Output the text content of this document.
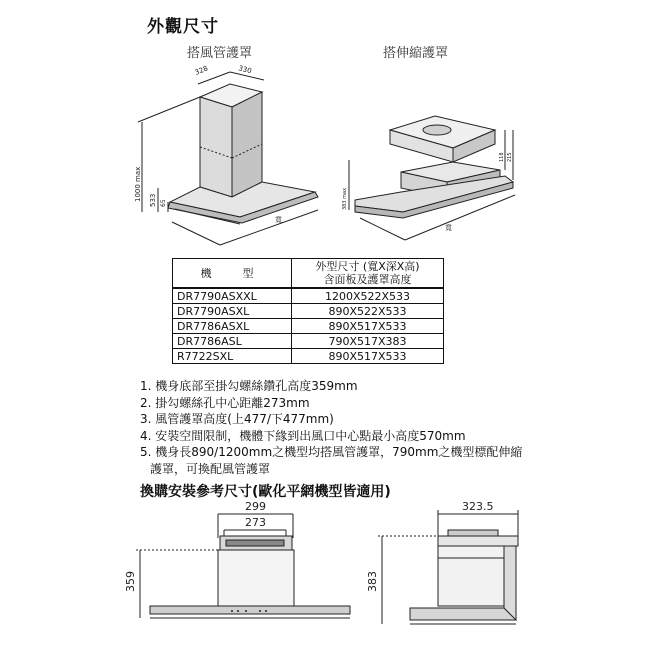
外觀尺寸
搭風管護罩	搭伸縮護罩
328	330
1000 max 533 65
寬
383 max
118 215
寬
機　型	外型尺寸 (寬X深X高)
含面板及護罩高度

DR7790ASXXL	1200X522X533
DR7790ASXL	890X522X533
DR7786ASXL	890X517X533
DR7786ASL	790X517X383
R7722SXL	890X517X533
1. 機身底部至掛勾螺絲鑽孔高度359mm
2. 掛勾螺絲孔中心距離273mm
3. 風管護罩高度(上477/下477mm)
4. 安裝空間限制，機體下緣到出風口中心點最小高度570mm
5. 機身長890/1200mm之機型均搭風管護罩，790mm之機型標配伸縮護罩，可換配風管護罩
換購安裝參考尺寸(歐化平網機型皆適用)
299
273
359
323.5
383
